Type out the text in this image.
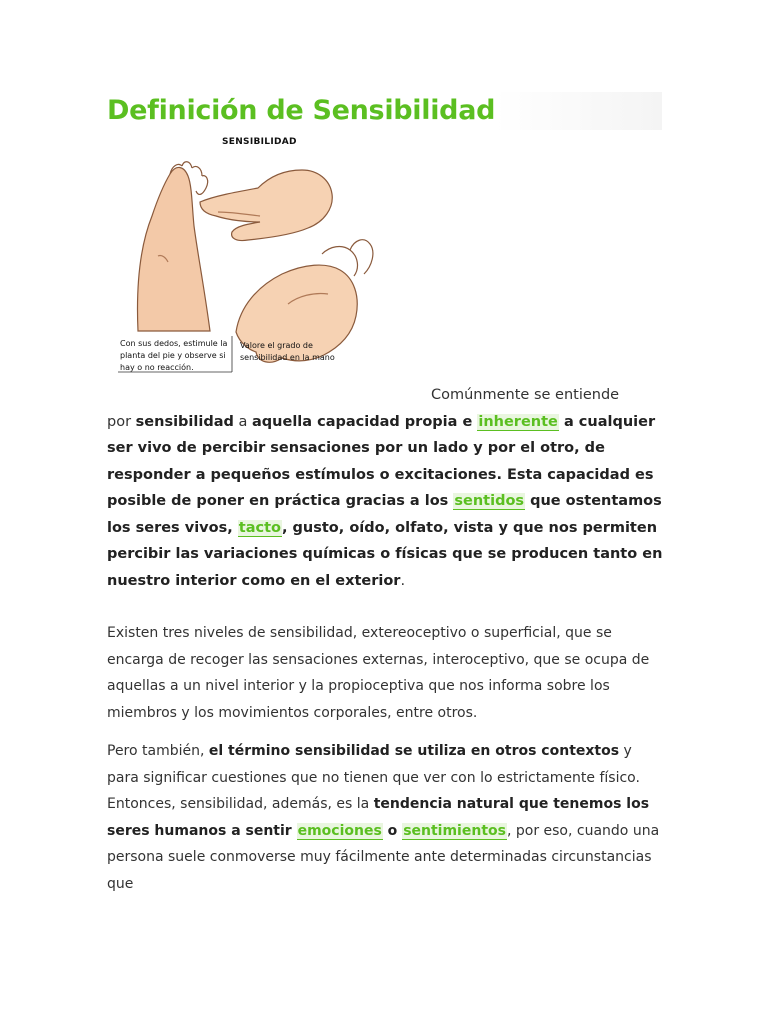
Definición de Sensibilidad
SENSIBILIDAD
Con sus dedos, estimule la planta del pie y observe si hay o no reacción.
Valore el grado de sensibilidad en la mano
Comúnmente se entiende
por sensibilidad a aquella capacidad propia e inherente a cualquier ser vivo de percibir sensaciones por un lado y por el otro, de responder a pequeños estímulos o excitaciones. Esta capacidad es posible de poner en práctica gracias a los sentidos que ostentamos los seres vivos, tacto, gusto, oído, olfato, vista y que nos permiten percibir las variaciones químicas o físicas que se producen tanto en nuestro interior como en el exterior.
Existen tres niveles de sensibilidad, extereoceptivo o superficial, que se encarga de recoger las sensaciones externas, interoceptivo, que se ocupa de aquellas a un nivel interior y la propioceptiva que nos informa sobre los miembros y los movimientos corporales, entre otros.
Pero también, el término sensibilidad se utiliza en otros contextos y para significar cuestiones que no tienen que ver con lo estrictamente físico. Entonces, sensibilidad, además, es la tendencia natural que tenemos los seres humanos a sentir emociones o sentimientos, por eso, cuando una persona suele conmoverse muy fácilmente ante determinadas circunstancias que
